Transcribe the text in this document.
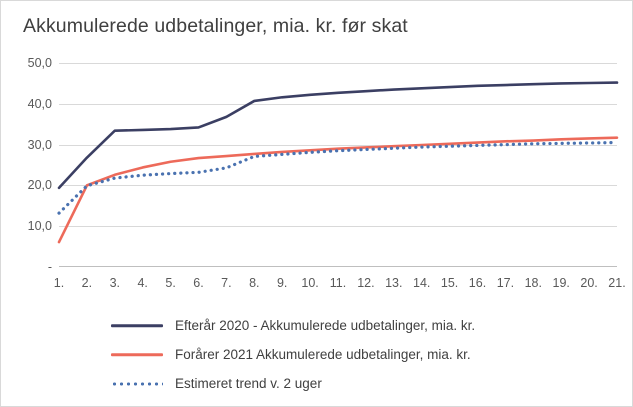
Akkumulerede udbetalinger, mia. kr. før skat
-
10,0
20,0
30,0
40,0
50,0
1. 2. 3. 4. 5. 6. 7. 8. 9. 10. 11. 12. 13. 14. 15. 16. 17. 18. 19. 20. 21.
Efterår 2020 - Akkumulerede udbetalinger, mia. kr.
Forårer 2021 Akkumulerede udbetalinger, mia. kr.
Estimeret trend v. 2 uger
